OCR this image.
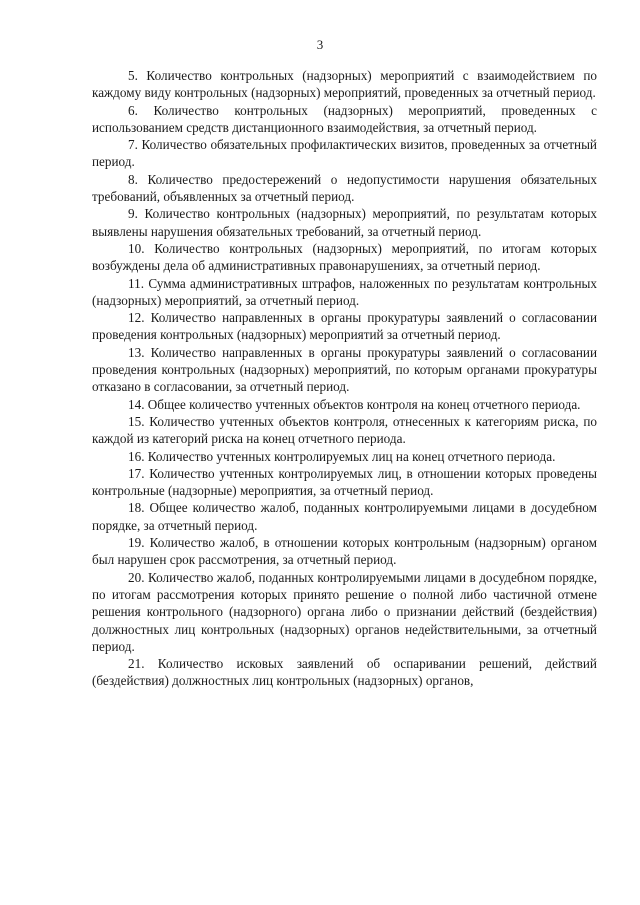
3

5. Количество контрольных (надзорных) мероприятий с взаимодействием по каждому виду контрольных (надзорных) мероприятий, проведенных за отчетный период.

6. Количество контрольных (надзорных) мероприятий, проведенных с использованием средств дистанционного взаимодействия, за отчетный период.

7. Количество обязательных профилактических визитов, проведенных за отчетный период.

8. Количество предостережений о недопустимости нарушения обязательных требований, объявленных за отчетный период.

9. Количество контрольных (надзорных) мероприятий, по результатам которых выявлены нарушения обязательных требований, за отчетный период.

10. Количество контрольных (надзорных) мероприятий, по итогам которых возбуждены дела об административных правонарушениях, за отчетный период.

11. Сумма административных штрафов, наложенных по результатам контрольных (надзорных) мероприятий, за отчетный период.

12. Количество направленных в органы прокуратуры заявлений о согласовании проведения контрольных (надзорных) мероприятий за отчетный период.

13. Количество направленных в органы прокуратуры заявлений о согласовании проведения контрольных (надзорных) мероприятий, по которым органами прокуратуры отказано в согласовании, за отчетный период.

14. Общее количество учтенных объектов контроля на конец отчетного периода.

15. Количество учтенных объектов контроля, отнесенных к категориям риска, по каждой из категорий риска на конец отчетного периода.

16. Количество учтенных контролируемых лиц на конец отчетного периода.

17. Количество учтенных контролируемых лиц, в отношении которых проведены контрольные (надзорные) мероприятия, за отчетный период.

18. Общее количество жалоб, поданных контролируемыми лицами в досудебном порядке, за отчетный период.

19. Количество жалоб, в отношении которых контрольным (надзорным) органом был нарушен срок рассмотрения, за отчетный период.

20. Количество жалоб, поданных контролируемыми лицами в досудебном порядке, по итогам рассмотрения которых принято решение о полной либо частичной отмене решения контрольного (надзорного) органа либо о признании действий (бездействия) должностных лиц контрольных (надзорных) органов недействительными, за отчетный период.

21. Количество исковых заявлений об оспаривании решений, действий (бездействия) должностных лиц контрольных (надзорных) органов,
